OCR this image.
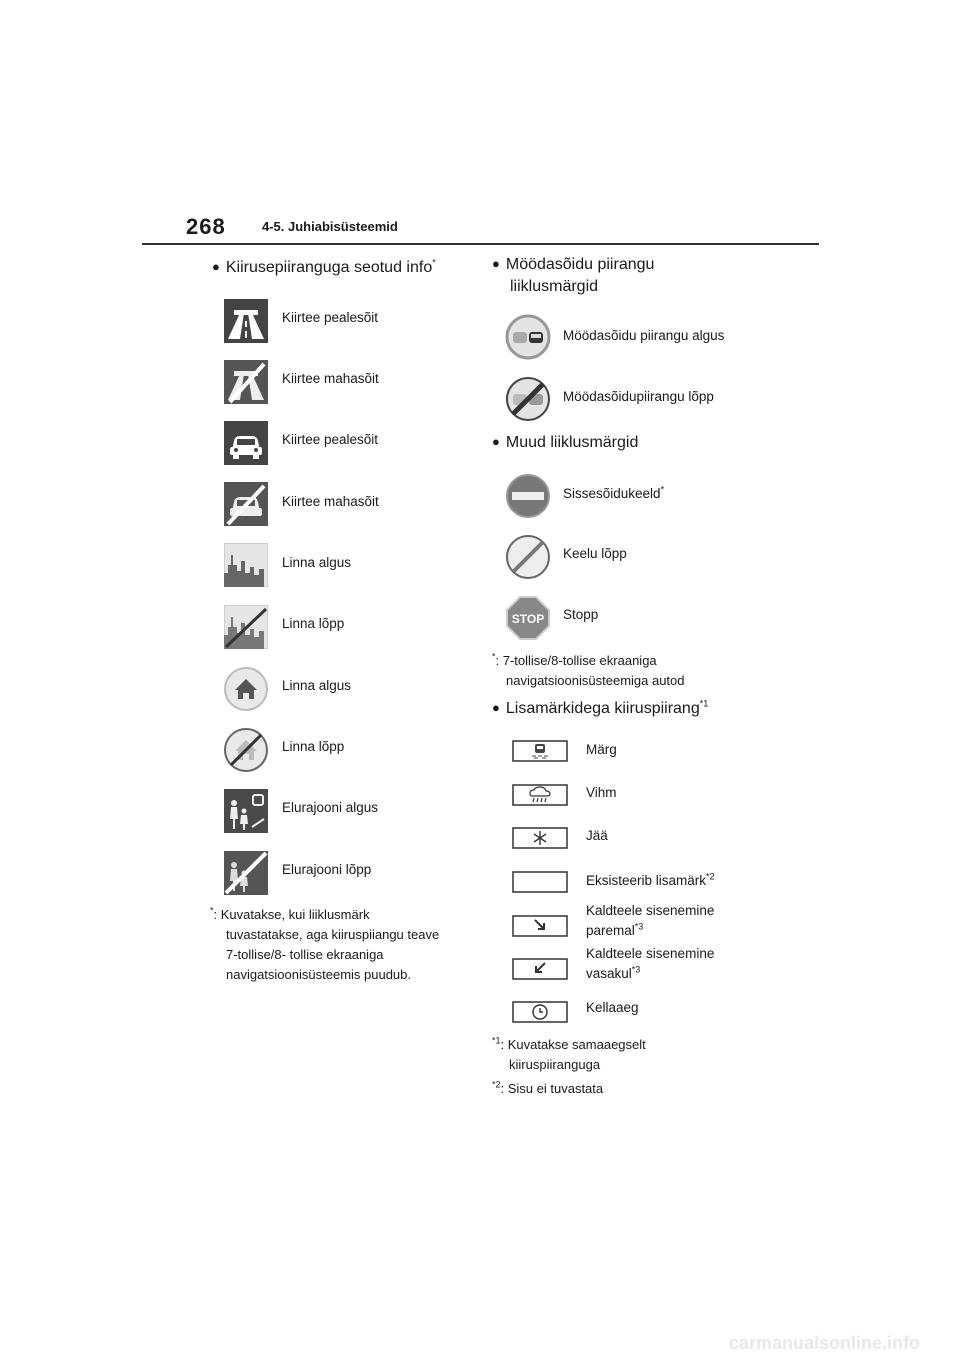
268	4-5. Juhiabisüsteemid
● Kiirusepiiranguga seotud info*
Kiirtee pealesõit
Kiirtee mahasõit
Kiirtee pealesõit
Kiirtee mahasõit
Linna algus
Linna lõpp
Linna algus
Linna lõpp
Elurajooni algus
Elurajooni lõpp
*: Kuvatakse, kui liiklusmärk
tuvastatakse, aga kiiruspiiangu teave
7-tollise/8- tollise ekraaniga
navigatsioonisüsteemis puudub.
● Möödasõidu piirangu
liiklusmärgid
Möödasõidu piirangu algus
Möödasõidupiirangu lõpp
● Muud liiklusmärgid
Sissesõidukeeld*
Keelu lõpp
STOP Stopp
*: 7-tollise/8-tollise ekraaniga
navigatsioonisüsteemiga autod
● Lisamärkidega kiiruspiirang$^{*1}$
Märg
Vihm
Jää
Eksisteerib lisamärk$^{*2}$
Kaldteele sisenemine
paremal$^{*3}$
Kaldteele sisenemine
vasakul$^{*3}$
Kellaaeg
$^{*1}$: Kuvatakse samaaegselt
kiiruspiiranguga
$^{*2}$: Sisu ei tuvastata
carmanualsonline.info
